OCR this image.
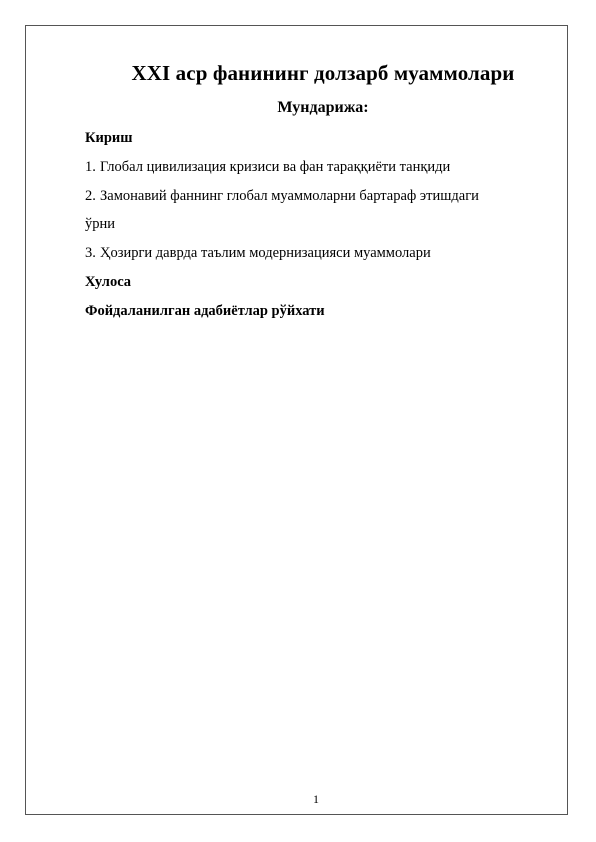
XXI аср фанининг долзарб муаммолари
Мундарижа:
Кириш
1. Глобал цивилизация кризиси ва фан тараққиёти танқиди
2. Замонавий фаннинг глобал муаммоларни бартараф этишдаги
ўрни
3. Ҳозирги даврда таълим модернизацияси муаммолари
Хулоса
Фойдаланилган адабиётлар рўйхати
1
